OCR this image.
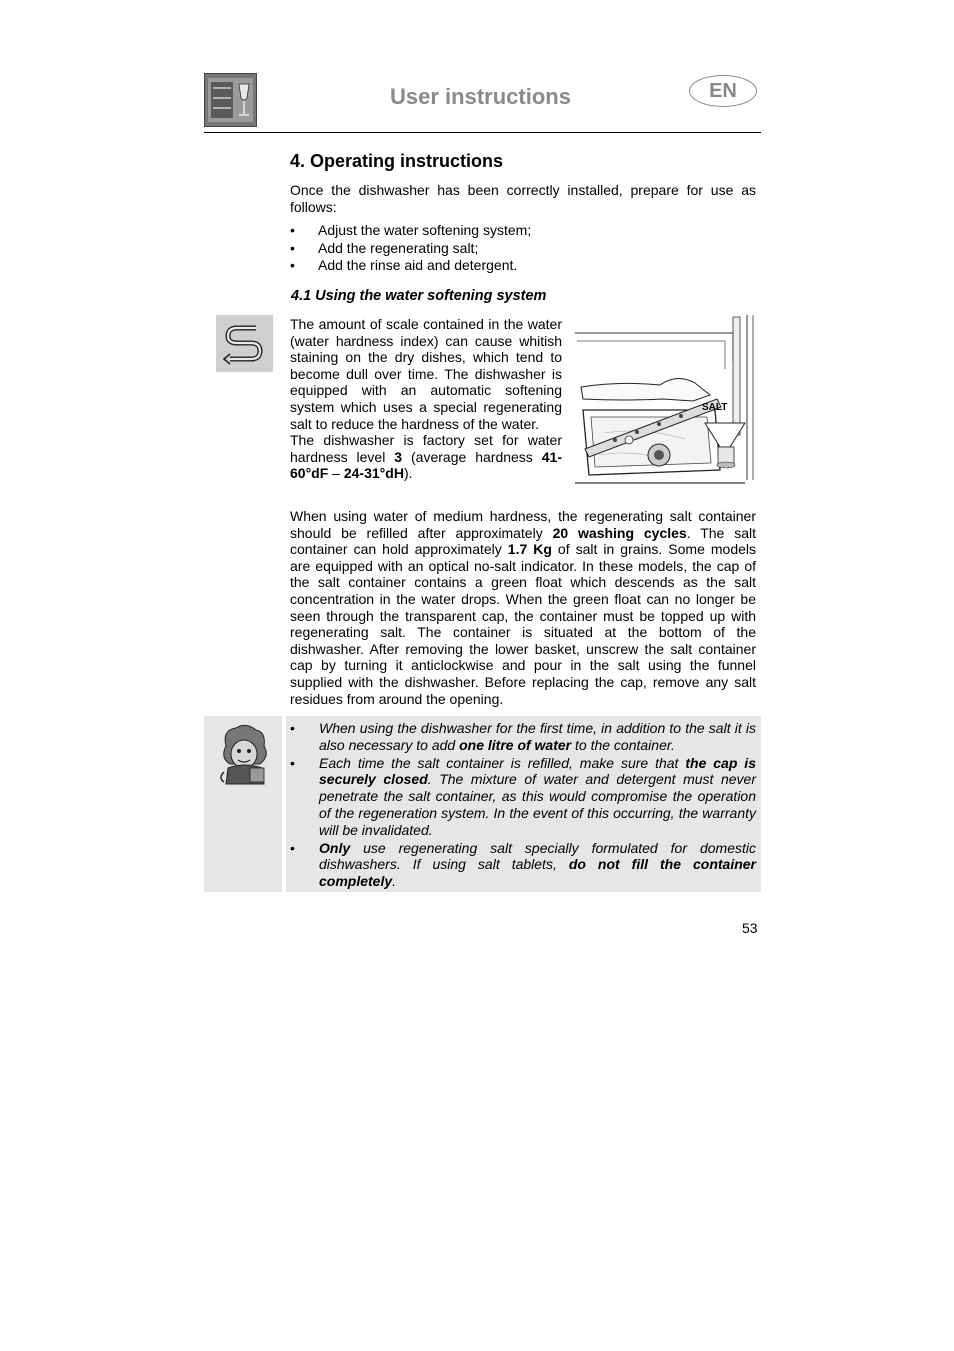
User instructions	EN
4. Operating instructions
Once the dishwasher has been correctly installed, prepare for use as follows:
• Adjust the water softening system;
• Add the regenerating salt;
• Add the rinse aid and detergent.
4.1 Using the water softening system
The amount of scale contained in the water (water hardness index) can cause whitish staining on the dry dishes, which tend to become dull over time. The dishwasher is equipped with an automatic softening system which uses a special regenerating salt to reduce the hardness of the water.
The dishwasher is factory set for water hardness level 3 (average hardness 41-60°dF – 24-31°dH).
SALT
When using water of medium hardness, the regenerating salt container should be refilled after approximately 20 washing cycles. The salt container can hold approximately 1.7 Kg of salt in grains. Some models are equipped with an optical no-salt indicator. In these models, the cap of the salt container contains a green float which descends as the salt concentration in the water drops. When the green float can no longer be seen through the transparent cap, the container must be topped up with regenerating salt. The container is situated at the bottom of the dishwasher. After removing the lower basket, unscrew the salt container cap by turning it anticlockwise and pour in the salt using the funnel supplied with the dishwasher. Before replacing the cap, remove any salt residues from around the opening.
• When using the dishwasher for the first time, in addition to the salt it is also necessary to add one litre of water to the container.
• Each time the salt container is refilled, make sure that the cap is securely closed. The mixture of water and detergent must never penetrate the salt container, as this would compromise the operation of the regeneration system. In the event of this occurring, the warranty will be invalidated.
• Only use regenerating salt specially formulated for domestic dishwashers. If using salt tablets, do not fill the container completely.
53
